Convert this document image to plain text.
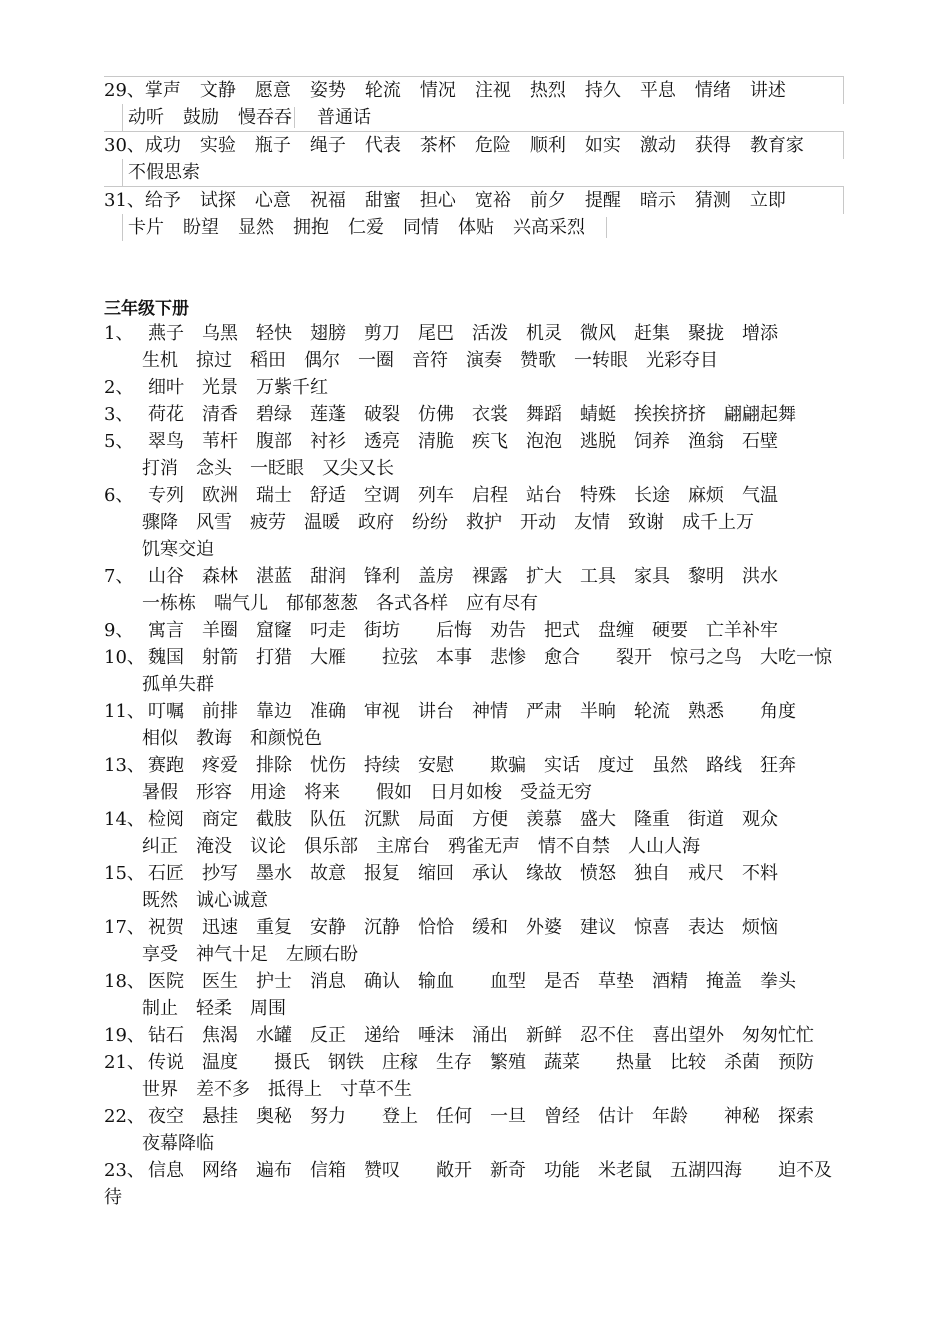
29、掌声 文静 愿意 姿势 轮流 情况 注视 热烈 持久 平息 情绪 讲述
动听 鼓励 慢吞吞 普通话
30、成功 实验 瓶子 绳子 代表 茶杯 危险 顺利 如实 激动 获得 教育家
不假思索
31、给予 试探 心意 祝福 甜蜜 担心 宽裕 前夕 提醒 暗示 猜测 立即
卡片 盼望 显然 拥抱 仁爱 同情 体贴 兴高采烈
三年级下册
1、 燕子　乌黑　轻快　翅膀　剪刀　尾巴　活泼　机灵　微风　赶集　聚拢　增添
生机　掠过　稻田　偶尔　一圈　音符　演奏　赞歌　一转眼　光彩夺目
2、 细叶　光景　万紫千红
3、 荷花　清香　碧绿　莲蓬　破裂　仿佛　衣裳　舞蹈　蜻蜓　挨挨挤挤　翩翩起舞
5、 翠鸟　苇杆　腹部　衬衫　透亮　清脆　疾飞　泡泡　逃脱　饲养　渔翁　石壁
打消　念头　一眨眼　又尖又长
6、 专列　欧洲　瑞士　舒适　空调　列车　启程　站台　特殊　长途　麻烦　气温
骤降　风雪　疲劳　温暖　政府　纷纷　救护　开动　友情　致谢　成千上万
饥寒交迫
7、 山谷　森林　湛蓝　甜润　锋利　盖房　裸露　扩大　工具　家具　黎明　洪水
一栋栋　喘气儿　郁郁葱葱　各式各样　应有尽有
9、 寓言　羊圈　窟窿　叼走　街坊　　后悔　劝告　把式　盘缠　硬要　亡羊补牢
10、 魏国　射箭　打猎　大雁　　拉弦　本事　悲惨　愈合　　裂开　惊弓之鸟　大吃一惊
孤单失群
11、 叮嘱　前排　靠边　准确　审视　讲台　神情　严肃　半晌　轮流　熟悉　　角度
相似　教诲　和颜悦色
13、 赛跑　疼爱　排除　忧伤　持续　安慰　　欺骗　实话　度过　虽然　路线　狂奔
暑假　形容　用途　将来　　假如　日月如梭　受益无穷
14、 检阅　商定　截肢　队伍　沉默　局面　方便　羡慕　盛大　隆重　街道　观众
纠正　淹没　议论　俱乐部　主席台　鸦雀无声　情不自禁　人山人海
15、 石匠　抄写　墨水　故意　报复　缩回　承认　缘故　愤怒　独自　戒尺　不料
既然　诚心诚意
17、 祝贺　迅速　重复　安静　沉静　恰恰　缓和　外婆　建议　惊喜　表达　烦恼
享受　神气十足　左顾右盼
18、 医院　医生　护士　消息　确认　输血　　血型　是否　草垫　酒精　掩盖　拳头
制止　轻柔　周围
19、 钻石　焦渴　水罐　反正　递给　唾沫　涌出　新鲜　忍不住　喜出望外　匆匆忙忙
21、 传说　温度　　摄氏　钢铁　庄稼　生存　繁殖　蔬菜　　热量　比较　杀菌　预防
世界　差不多　抵得上　寸草不生
22、 夜空　悬挂　奥秘　努力　　登上　任何　一旦　曾经　估计　年龄　　神秘　探索
夜幕降临
23、 信息　网络　遍布　信箱　赞叹　　敞开　新奇　功能　米老鼠　五湖四海　　迫不及
待
